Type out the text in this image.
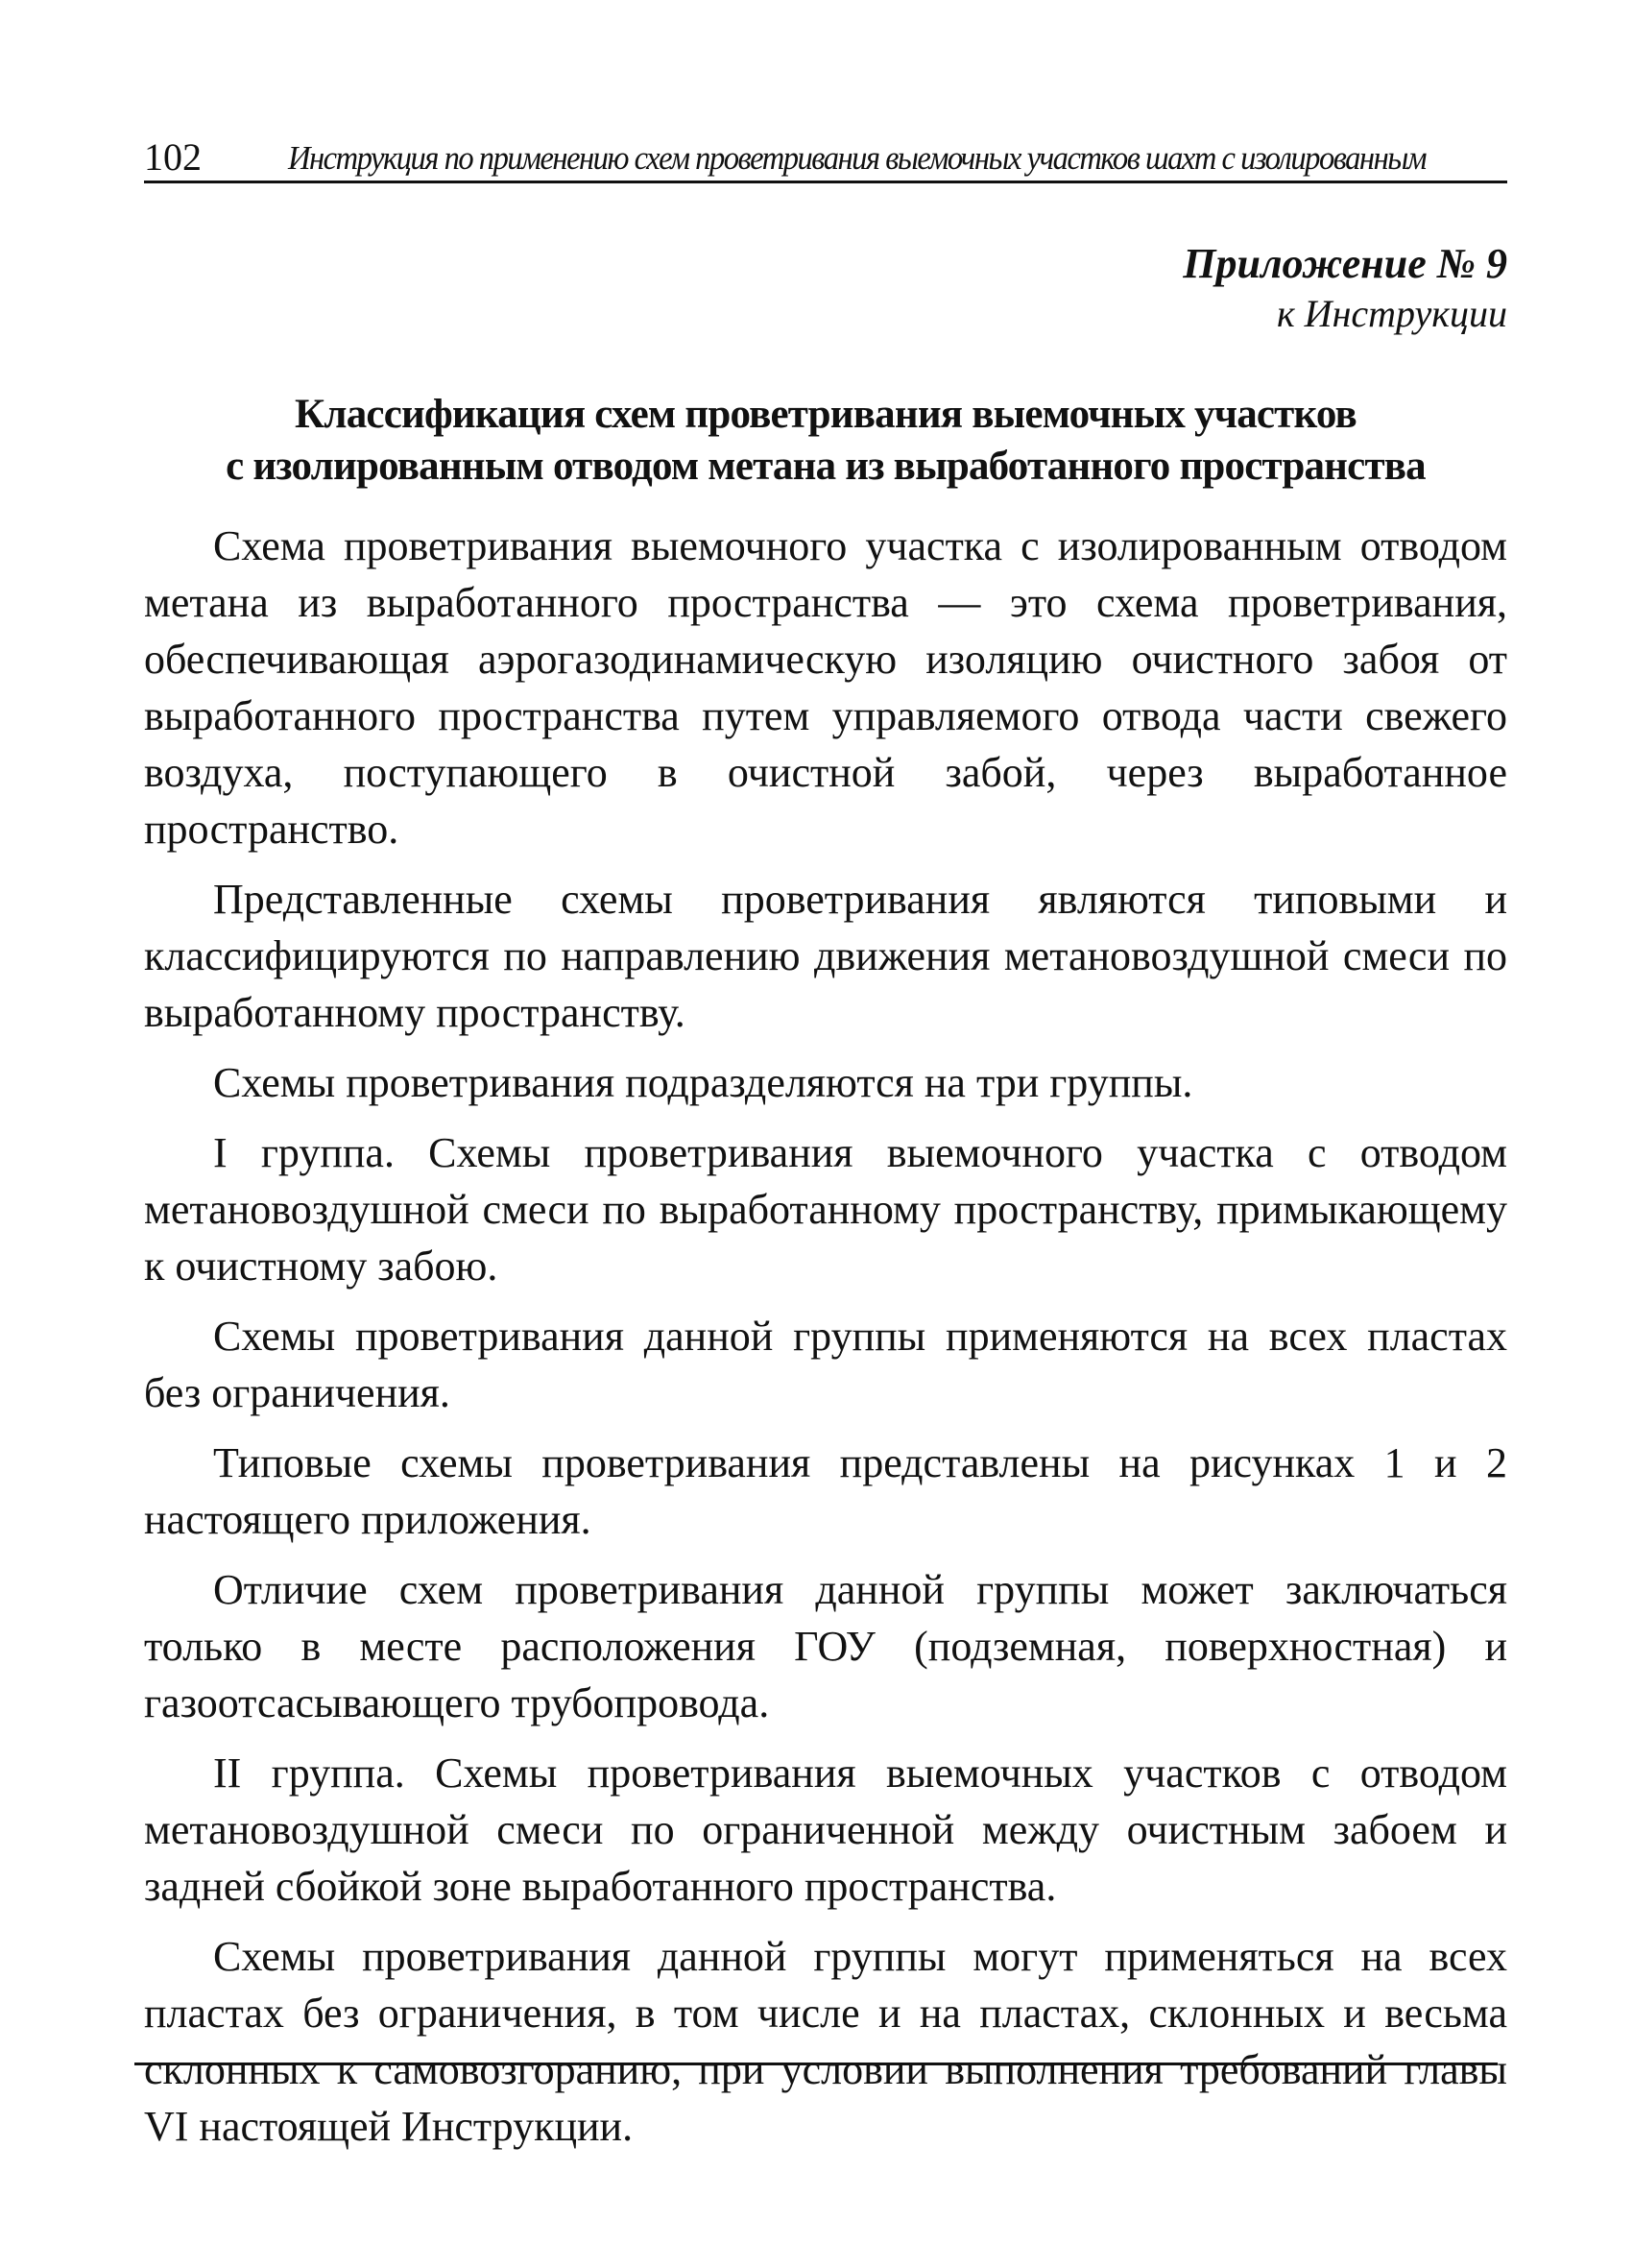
102	Инструкция по применению схем проветривания выемочных участков шахт с изолированным
Приложение № 9
к Инструкции
Классификация схем проветривания выемочных участков
с изолированным отводом метана из выработанного пространства

Схема проветривания выемочного участка с изолированным отводом метана из выработанного пространства — это схема проветривания, обеспечивающая аэрогазодинамическую изоляцию очистного забоя от выработанного пространства путем управляемого отвода части свежего воздуха, поступающего в очистной забой, через выработанное пространство.

Представленные схемы проветривания являются типовыми и классифицируются по направлению движения метановоздушной смеси по выработанному пространству.

Схемы проветривания подразделяются на три группы.

I группа. Схемы проветривания выемочного участка с отводом метановоздушной смеси по выработанному пространству, примыкающему к очистному забою.

Схемы проветривания данной группы применяются на всех пластах без ограничения.

Типовые схемы проветривания представлены на рисунках 1 и 2 настоящего приложения.

Отличие схем проветривания данной группы может заключаться только в месте расположения ГОУ (подземная, поверхностная) и газоотсасывающего трубопровода.

II группа. Схемы проветривания выемочных участков с отводом метановоздушной смеси по ограниченной между очистным забоем и задней сбойкой зоне выработанного пространства.

Схемы проветривания данной группы могут применяться на всех пластах без ограничения, в том числе и на пластах, склонных и весьма склонных к самовозгоранию, при условии выполнения требований главы VI настоящей Инструкции.
